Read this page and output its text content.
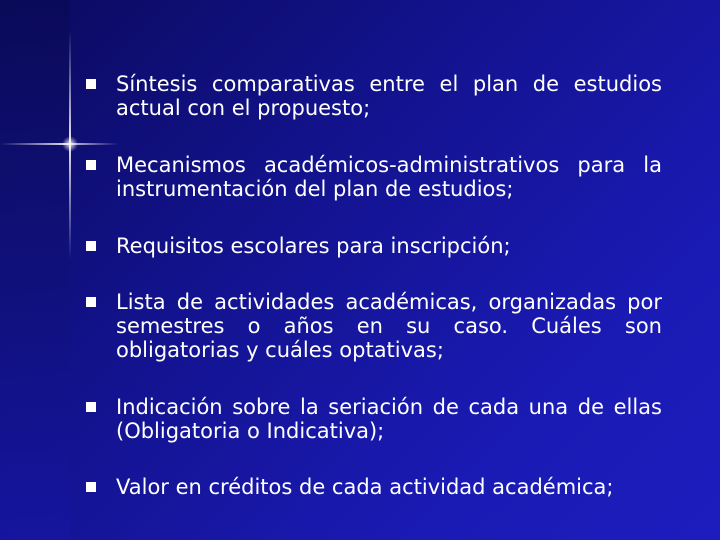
Síntesis comparativas entre el plan de estudios actual con el propuesto;
Mecanismos académicos-administrativos para la instrumentación del plan de estudios;
Requisitos escolares para inscripción;
Lista de actividades académicas, organizadas por semestres o años en su caso. Cuáles son obligatorias y cuáles optativas;
Indicación sobre la seriación de cada una de ellas (Obligatoria o Indicativa);
Valor en créditos de cada actividad académica;
